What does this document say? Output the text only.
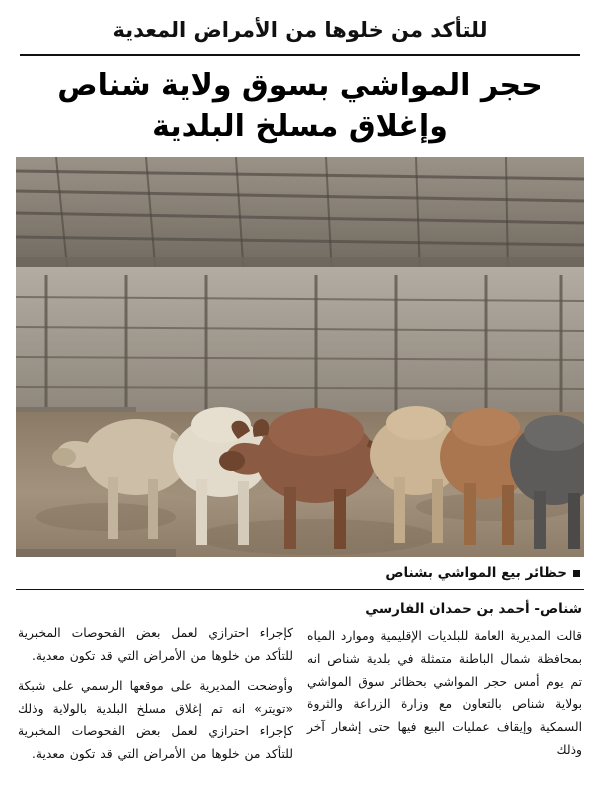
للتأكد من خلوها من الأمراض المعدية
حجر المواشي بسوق ولاية شناص وإغلاق مسلخ البلدية
حظائر بيع المواشي بشناص
شناص- أحمد بن حمدان الفارسي

قالت المديرية العامة للبلديات الإقليمية وموارد المياه بمحافظة شمال الباطنة متمثلة في بلدية شناص انه تم يوم أمس حجر المواشي بحظائر سوق المواشي بولاية شناص بالتعاون مع وزارة الزراعة والثروة السمكية وإيقاف عمليات البيع فيها حتى إشعار آخر وذلك

كإجراء احترازي لعمل بعض الفحوصات المخبرية للتأكد من خلوها من الأمراض التي قد تكون معدية.

وأوضحت المديرية على موقعها الرسمي على شبكة «تويتر» انه تم إغلاق مسلخ البلدية بالولاية وذلك كإجراء احترازي لعمل بعض الفحوصات المخبرية للتأكد من خلوها من الأمراض التي قد تكون معدية.
